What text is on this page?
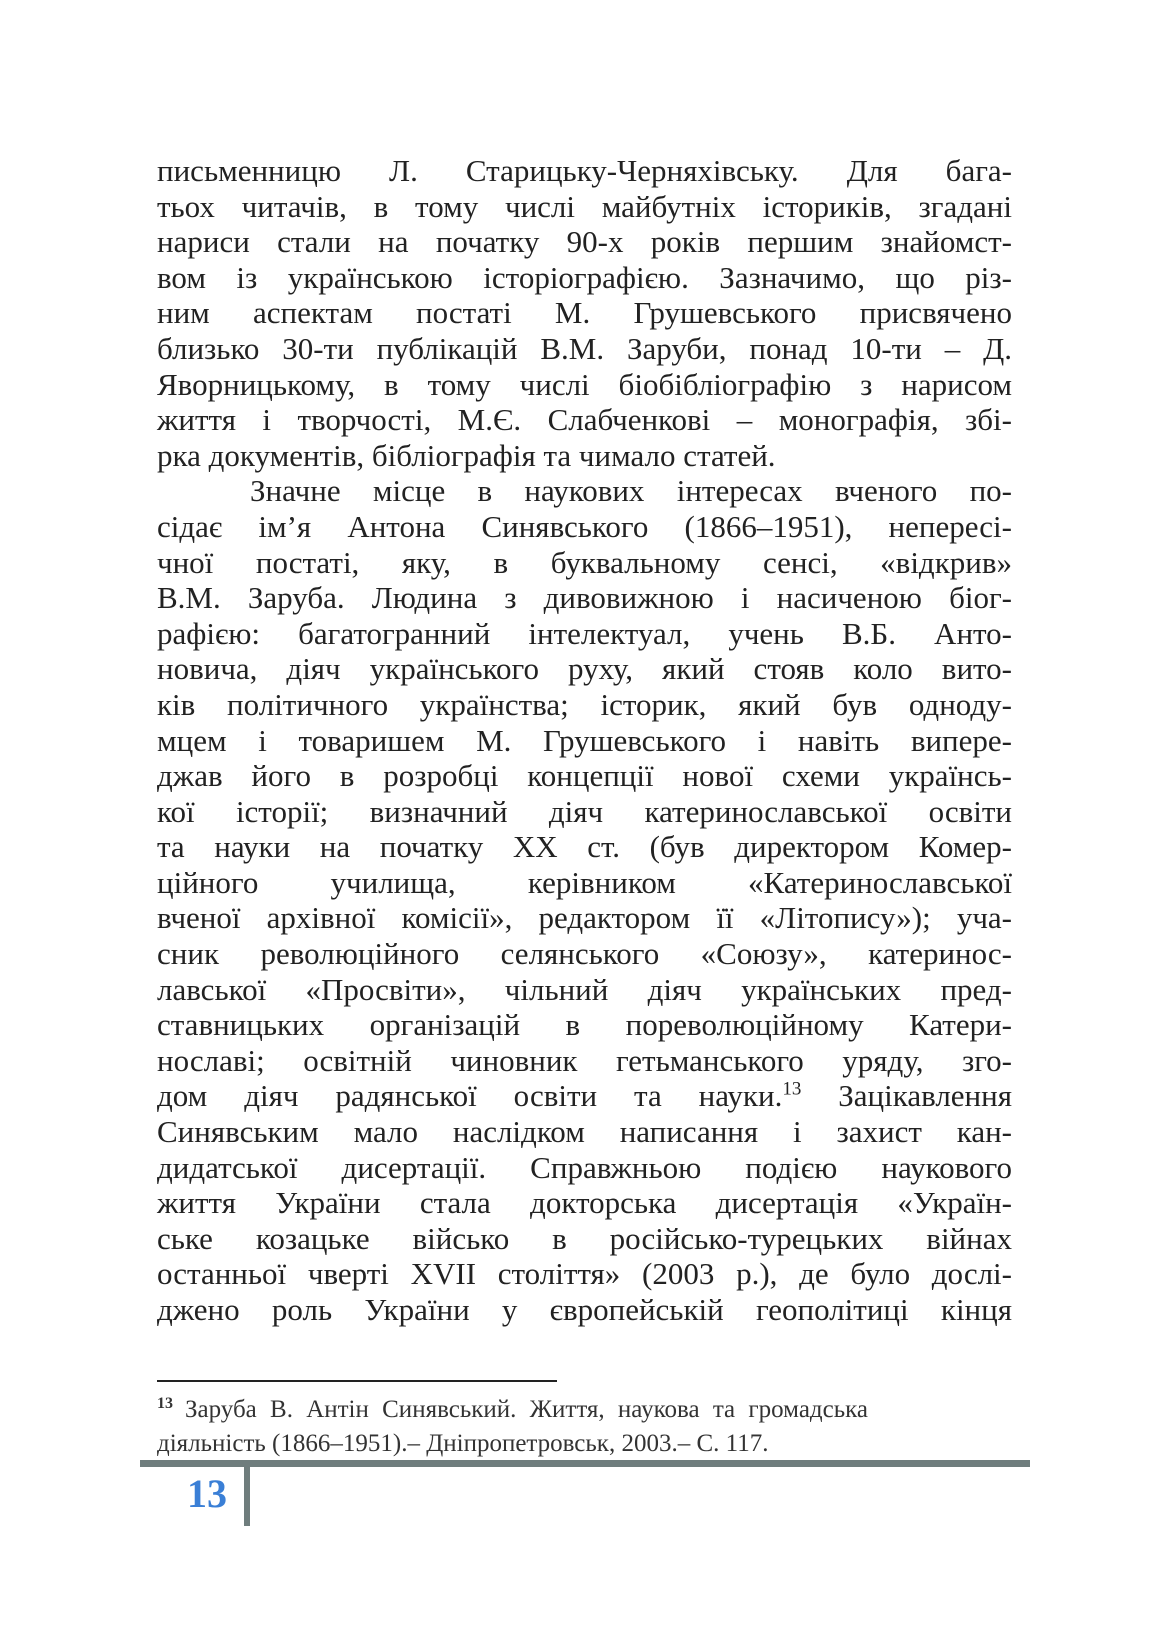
письменницю Л. Старицьку-Черняхівську. Для бага-
тьох читачів, в тому числі майбутніх істориків, згадані
нариси стали на початку 90-х років першим знайомст-
вом із українською історіографією. Зазначимо, що різ-
ним аспектам постаті М. Грушевського присвячено
близько 30-ти публікацій В.М. Заруби, понад 10-ти – Д.
Яворницькому, в тому числі біобібліографію з нарисом
життя і творчості, М.Є. Слабченкові – монографія, збі-
рка документів, бібліографія та чимало статей.
Значне місце в наукових інтересах вченого по-
сідає ім’я Антона Синявського (1866–1951), непересі-
чної постаті, яку, в буквальному сенсі, «відкрив»
В.М. Заруба. Людина з дивовижною і насиченою біог-
рафією: багатогранний інтелектуал, учень В.Б. Анто-
новича, діяч українського руху, який стояв коло вито-
ків політичного українства; історик, який був одноду-
мцем і товаришем М. Грушевського і навіть випере-
джав його в розробці концепції нової схеми українсь-
кої історії; визначний діяч катеринославської освіти
та науки на початку ХХ ст. (був директором Комер-
ційного училища, керівником «Катеринославської
вченої архівної комісії», редактором її «Літопису»); уча-
сник революційного селянського «Союзу», катеринос-
лавської «Просвіти», чільний діяч українських пред-
ставницьких організацій в пореволюційному Катери-
нославі; освітній чиновник гетьманського уряду, зго-
дом діяч радянської освіти та науки.$^{13}$ Зацікавлення
Синявським мало наслідком написання і захист кан-
дидатської дисертації. Справжньою подією наукового
життя України стала докторська дисертація «Україн-
ське козацьке військо в російсько-турецьких війнах
останньої чверті XVII століття» (2003 р.), де було дослі-
джено роль України у європейській геополітиці кінця
$^{13}$ Заруба В. Антін Синявський. Життя, наукова та громадська
діяльність (1866–1951).– Дніпропетровськ, 2003.– С. 117.
13
